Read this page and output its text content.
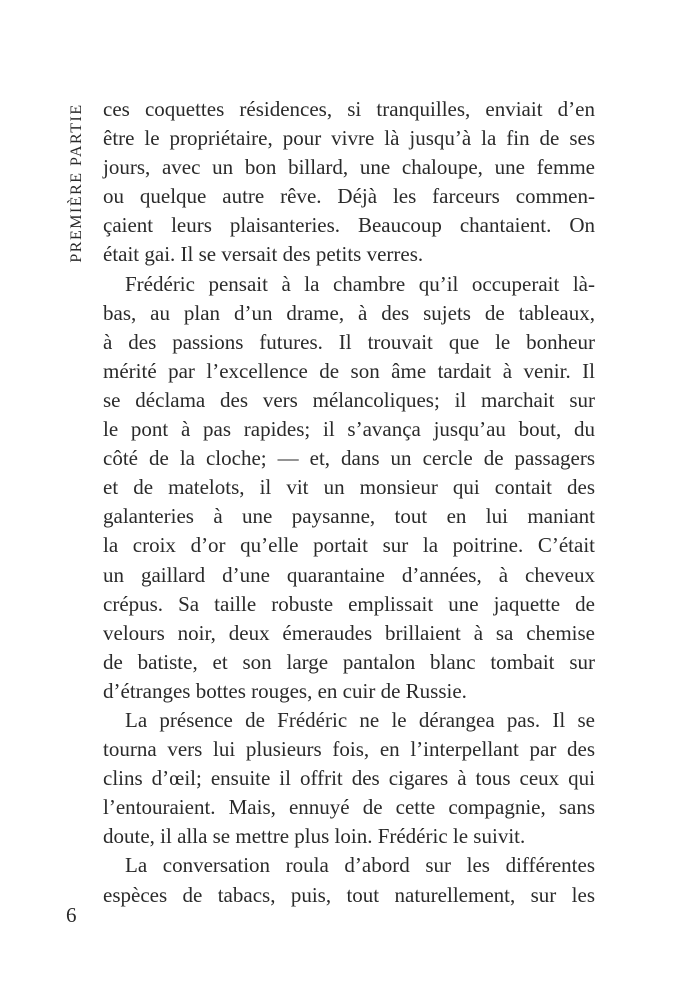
PREMIÈRE PARTIE ces coquettes résidences, si tranquilles, enviait d’en
être le propriétaire, pour vivre là jusqu’à la fin de ses
jours, avec un bon billard, une chaloupe, une femme
ou quelque autre rêve. Déjà les farceurs commen-
çaient leurs plaisanteries. Beaucoup chantaient. On
était gai. Il se versait des petits verres.
Frédéric pensait à la chambre qu’il occuperait là-
bas, au plan d’un drame, à des sujets de tableaux,
à des passions futures. Il trouvait que le bonheur
mérité par l’excellence de son âme tardait à venir. Il
se déclama des vers mélancoliques; il marchait sur
le pont à pas rapides; il s’avança jusqu’au bout, du
côté de la cloche; — et, dans un cercle de passagers
et de matelots, il vit un monsieur qui contait des
galanteries à une paysanne, tout en lui maniant
la croix d’or qu’elle portait sur la poitrine. C’était
un gaillard d’une quarantaine d’années, à cheveux
crépus. Sa taille robuste emplissait une jaquette de
velours noir, deux émeraudes brillaient à sa chemise
de batiste, et son large pantalon blanc tombait sur
d’étranges bottes rouges, en cuir de Russie.
La présence de Frédéric ne le dérangea pas. Il se
tourna vers lui plusieurs fois, en l’interpellant par des
clins d’œil; ensuite il offrit des cigares à tous ceux qui
l’entouraient. Mais, ennuyé de cette compagnie, sans
doute, il alla se mettre plus loin. Frédéric le suivit.
La conversation roula d’abord sur les différentes
espèces de tabacs, puis, tout naturellement, sur les
6
